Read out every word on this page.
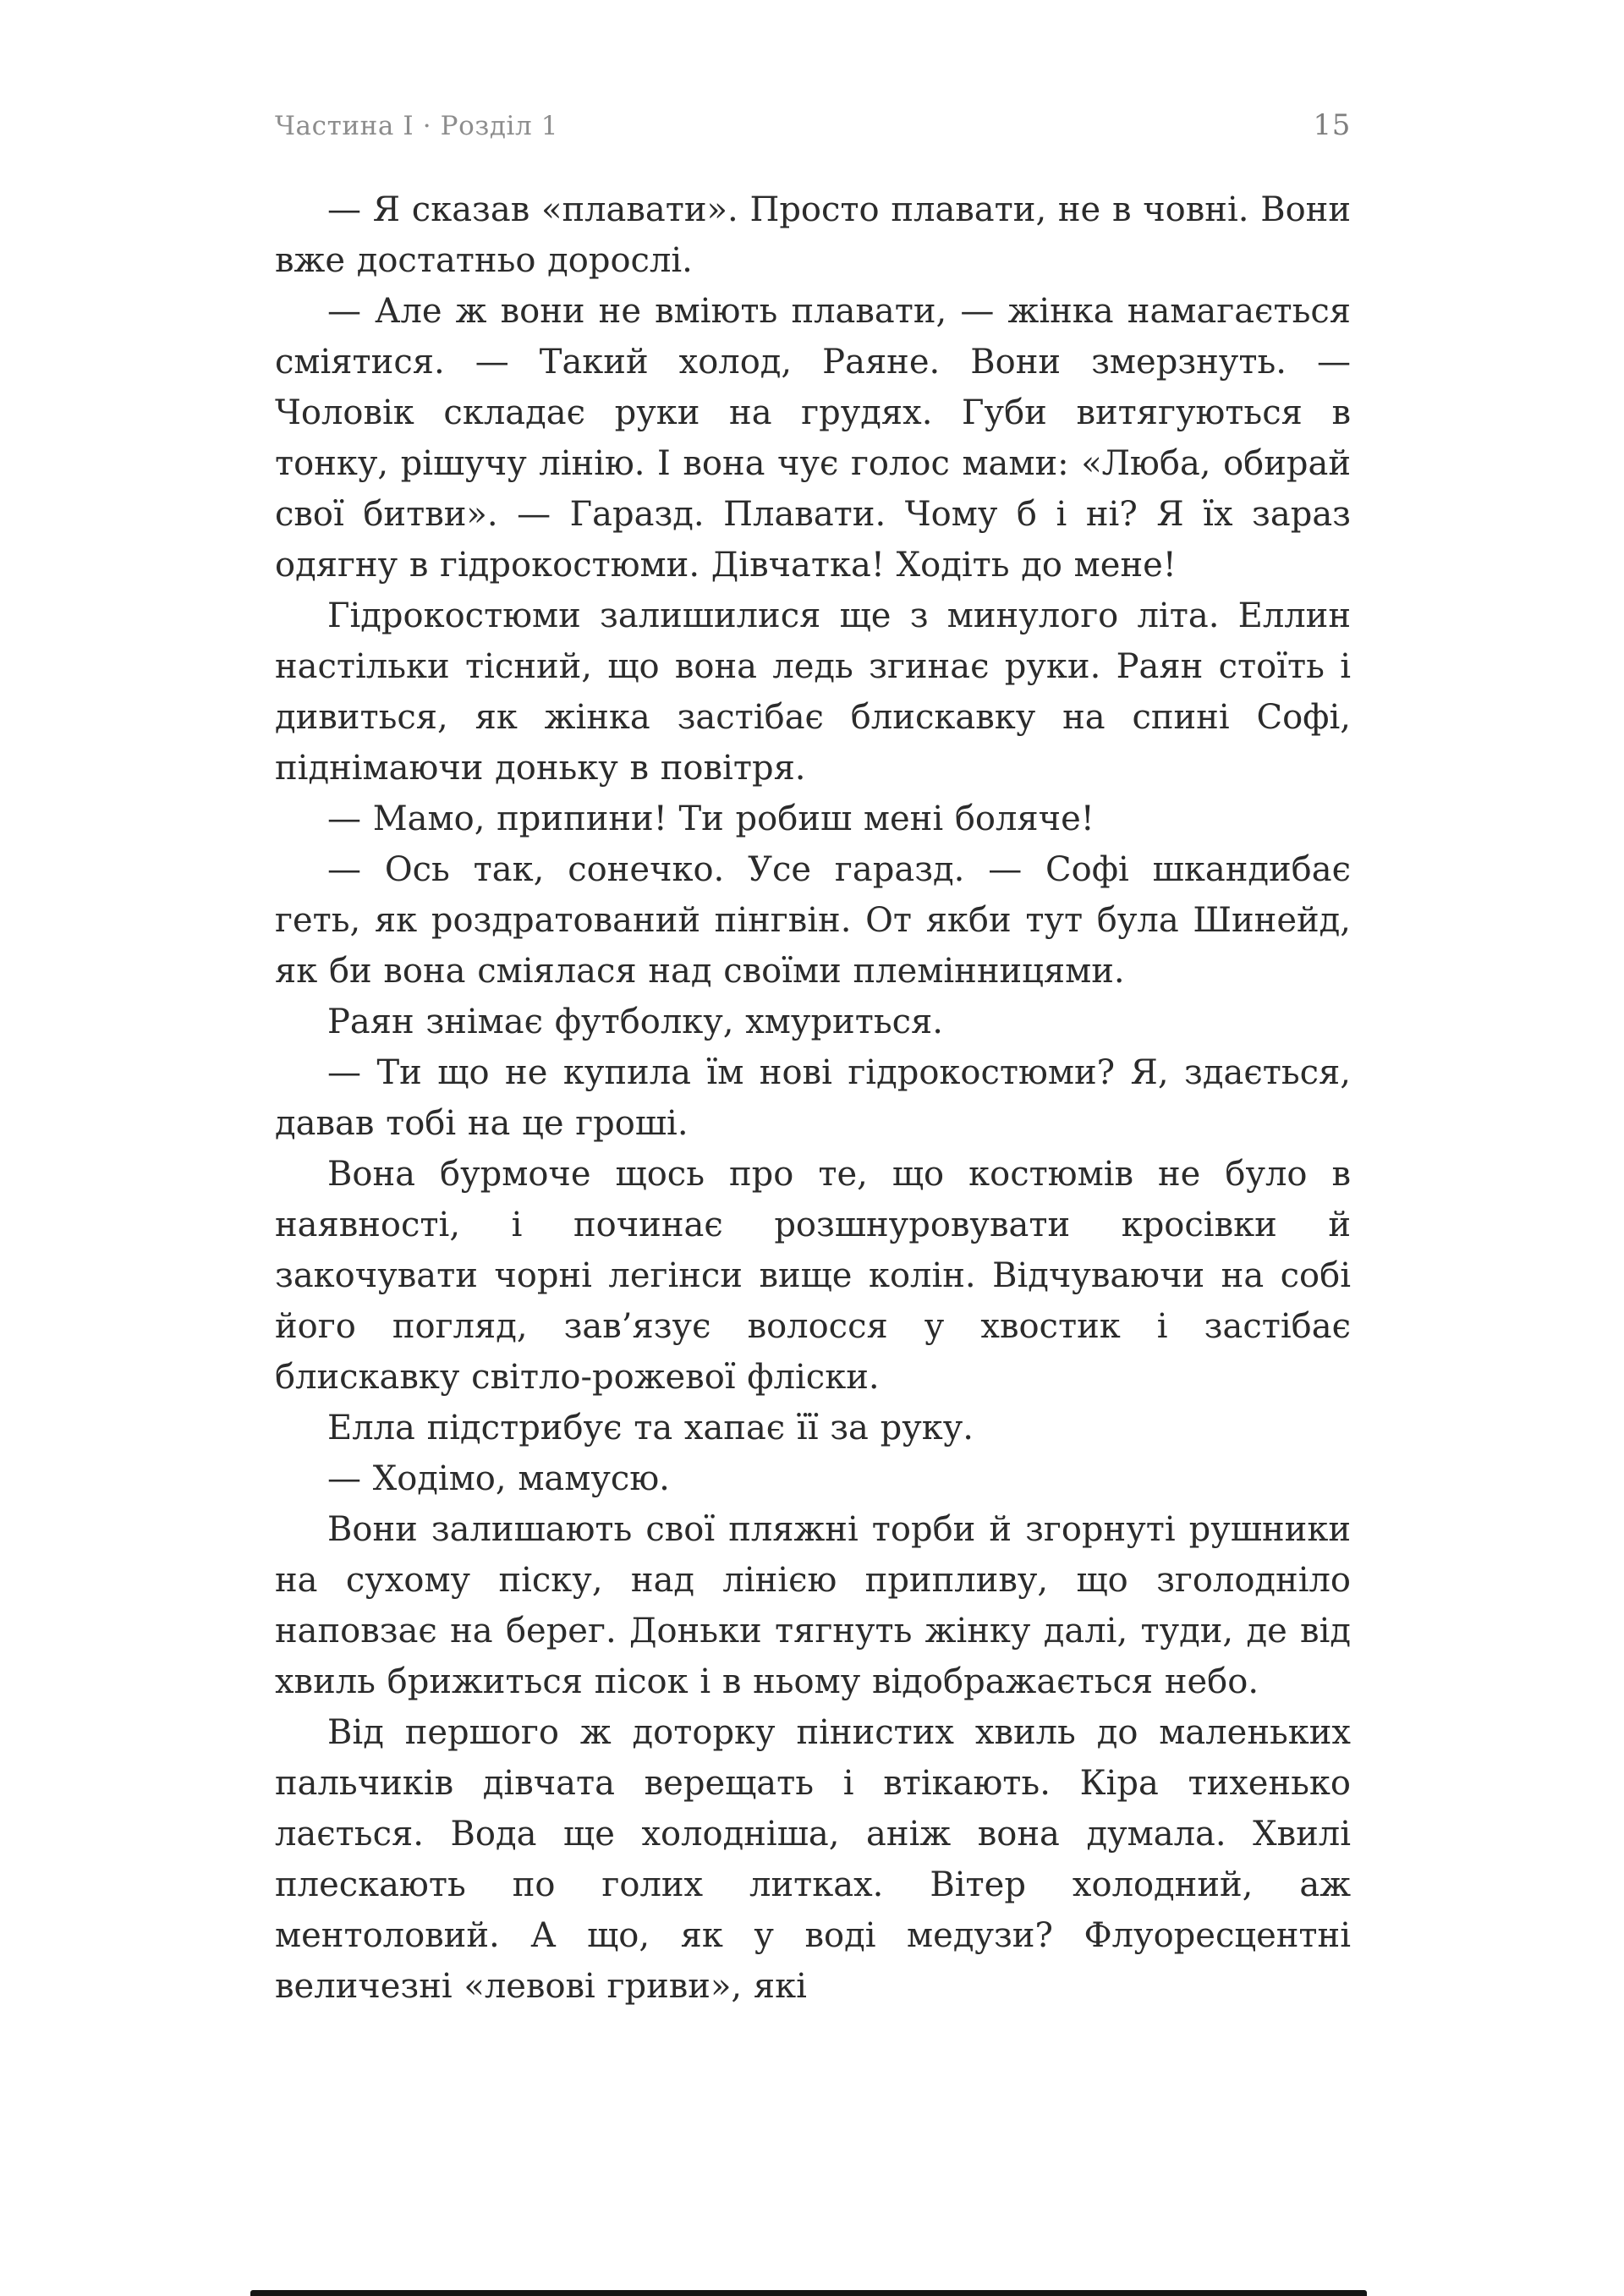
Частина І · Розділ 1	15

— Я сказав «плавати». Просто плавати, не в човні. Вони вже достатньо дорослі.

— Але ж вони не вміють плавати, — жінка намагається сміятися. — Такий холод, Раяне. Вони змерзнуть. — Чоловік складає руки на грудях. Губи витягуються в тонку, рішучу лінію. І вона чує голос мами: «Люба, обирай свої битви». — Гаразд. Плавати. Чому б і ні? Я їх зараз одягну в гідрокостюми. Дівчатка! Ходіть до мене!

Гідрокостюми залишилися ще з минулого літа. Еллин настільки тісний, що вона ледь згинає руки. Раян стоїть і дивиться, як жінка застібає блискавку на спині Софі, піднімаючи доньку в повітря.

— Мамо, припини! Ти робиш мені боляче!

— Ось так, сонечко. Усе гаразд. — Софі шкандибає геть, як роздратований пінгвін. От якби тут була Шинейд, як би вона сміялася над своїми племінницями.

Раян знімає футболку, хмуриться.

— Ти що не купила їм нові гідрокостюми? Я, здається, давав тобі на це гроші.

Вона бурмоче щось про те, що костюмів не було в наявності, і починає розшнуровувати кросівки й закочувати чорні легінси вище колін. Відчуваючи на собі його погляд, зав’язує волосся у хвостик і застібає блискавку світло-рожевої фліски.

Елла підстрибує та хапає її за руку.

— Ходімо, мамусю.

Вони залишають свої пляжні торби й згорнуті рушники на сухому піску, над лінією припливу, що зголодніло наповзає на берег. Доньки тягнуть жінку далі, туди, де від хвиль брижиться пісок і в ньому відображається небо.

Від першого ж доторку пінистих хвиль до маленьких пальчиків дівчата верещать і втікають. Кіра тихенько лається. Вода ще холодніша, аніж вона думала. Хвилі плескають по голих литках. Вітер холодний, аж ментоловий. А що, як у воді медузи? Флуоресцентні величезні «левові гриви», які
